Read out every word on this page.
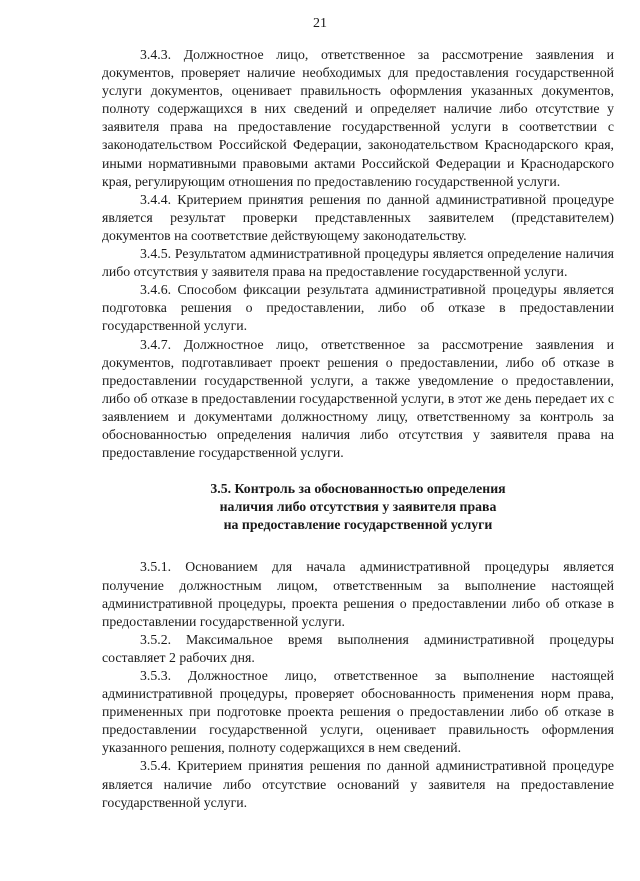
21

3.4.3. Должностное лицо, ответственное за рассмотрение заявления и документов, проверяет наличие необходимых для предоставления государственной услуги документов, оценивает правильность оформления указанных документов, полноту содержащихся в них сведений и определяет наличие либо отсутствие у заявителя права на предоставление государственной услуги в соответствии с законодательством Российской Федерации, законодательством Краснодарского края, иными нормативными правовыми актами Российской Федерации и Краснодарского края, регулирующим отношения по предоставлению государственной услуги.

3.4.4. Критерием принятия решения по данной административной процедуре является результат проверки представленных заявителем (представителем) документов на соответствие действующему законодательству.

3.4.5. Результатом административной процедуры является определение наличия либо отсутствия у заявителя права на предоставление государственной услуги.

3.4.6. Способом фиксации результата административной процедуры является подготовка решения о предоставлении, либо об отказе в предоставлении государственной услуги.

3.4.7. Должностное лицо, ответственное за рассмотрение заявления и документов, подготавливает проект решения о предоставлении, либо об отказе в предоставлении государственной услуги, а также уведомление о предоставлении, либо об отказе в предоставлении государственной услуги, в этот же день передает их с заявлением и документами должностному лицу, ответственному за контроль за обоснованностью определения наличия либо отсутствия у заявителя права на предоставление государственной услуги.

3.5. Контроль за обоснованностью определения
наличия либо отсутствия у заявителя права
на предоставление государственной услуги

3.5.1. Основанием для начала административной процедуры является получение должностным лицом, ответственным за выполнение настоящей административной процедуры, проекта решения о предоставлении либо об отказе в предоставлении государственной услуги.

3.5.2. Максимальное время выполнения административной процедуры составляет 2 рабочих дня.

3.5.3. Должностное лицо, ответственное за выполнение настоящей административной процедуры, проверяет обоснованность применения норм права, примененных при подготовке проекта решения о предоставлении либо об отказе в предоставлении государственной услуги, оценивает правильность оформления указанного решения, полноту содержащихся в нем сведений.

3.5.4. Критерием принятия решения по данной административной процедуре является наличие либо отсутствие оснований у заявителя на предоставление государственной услуги.
